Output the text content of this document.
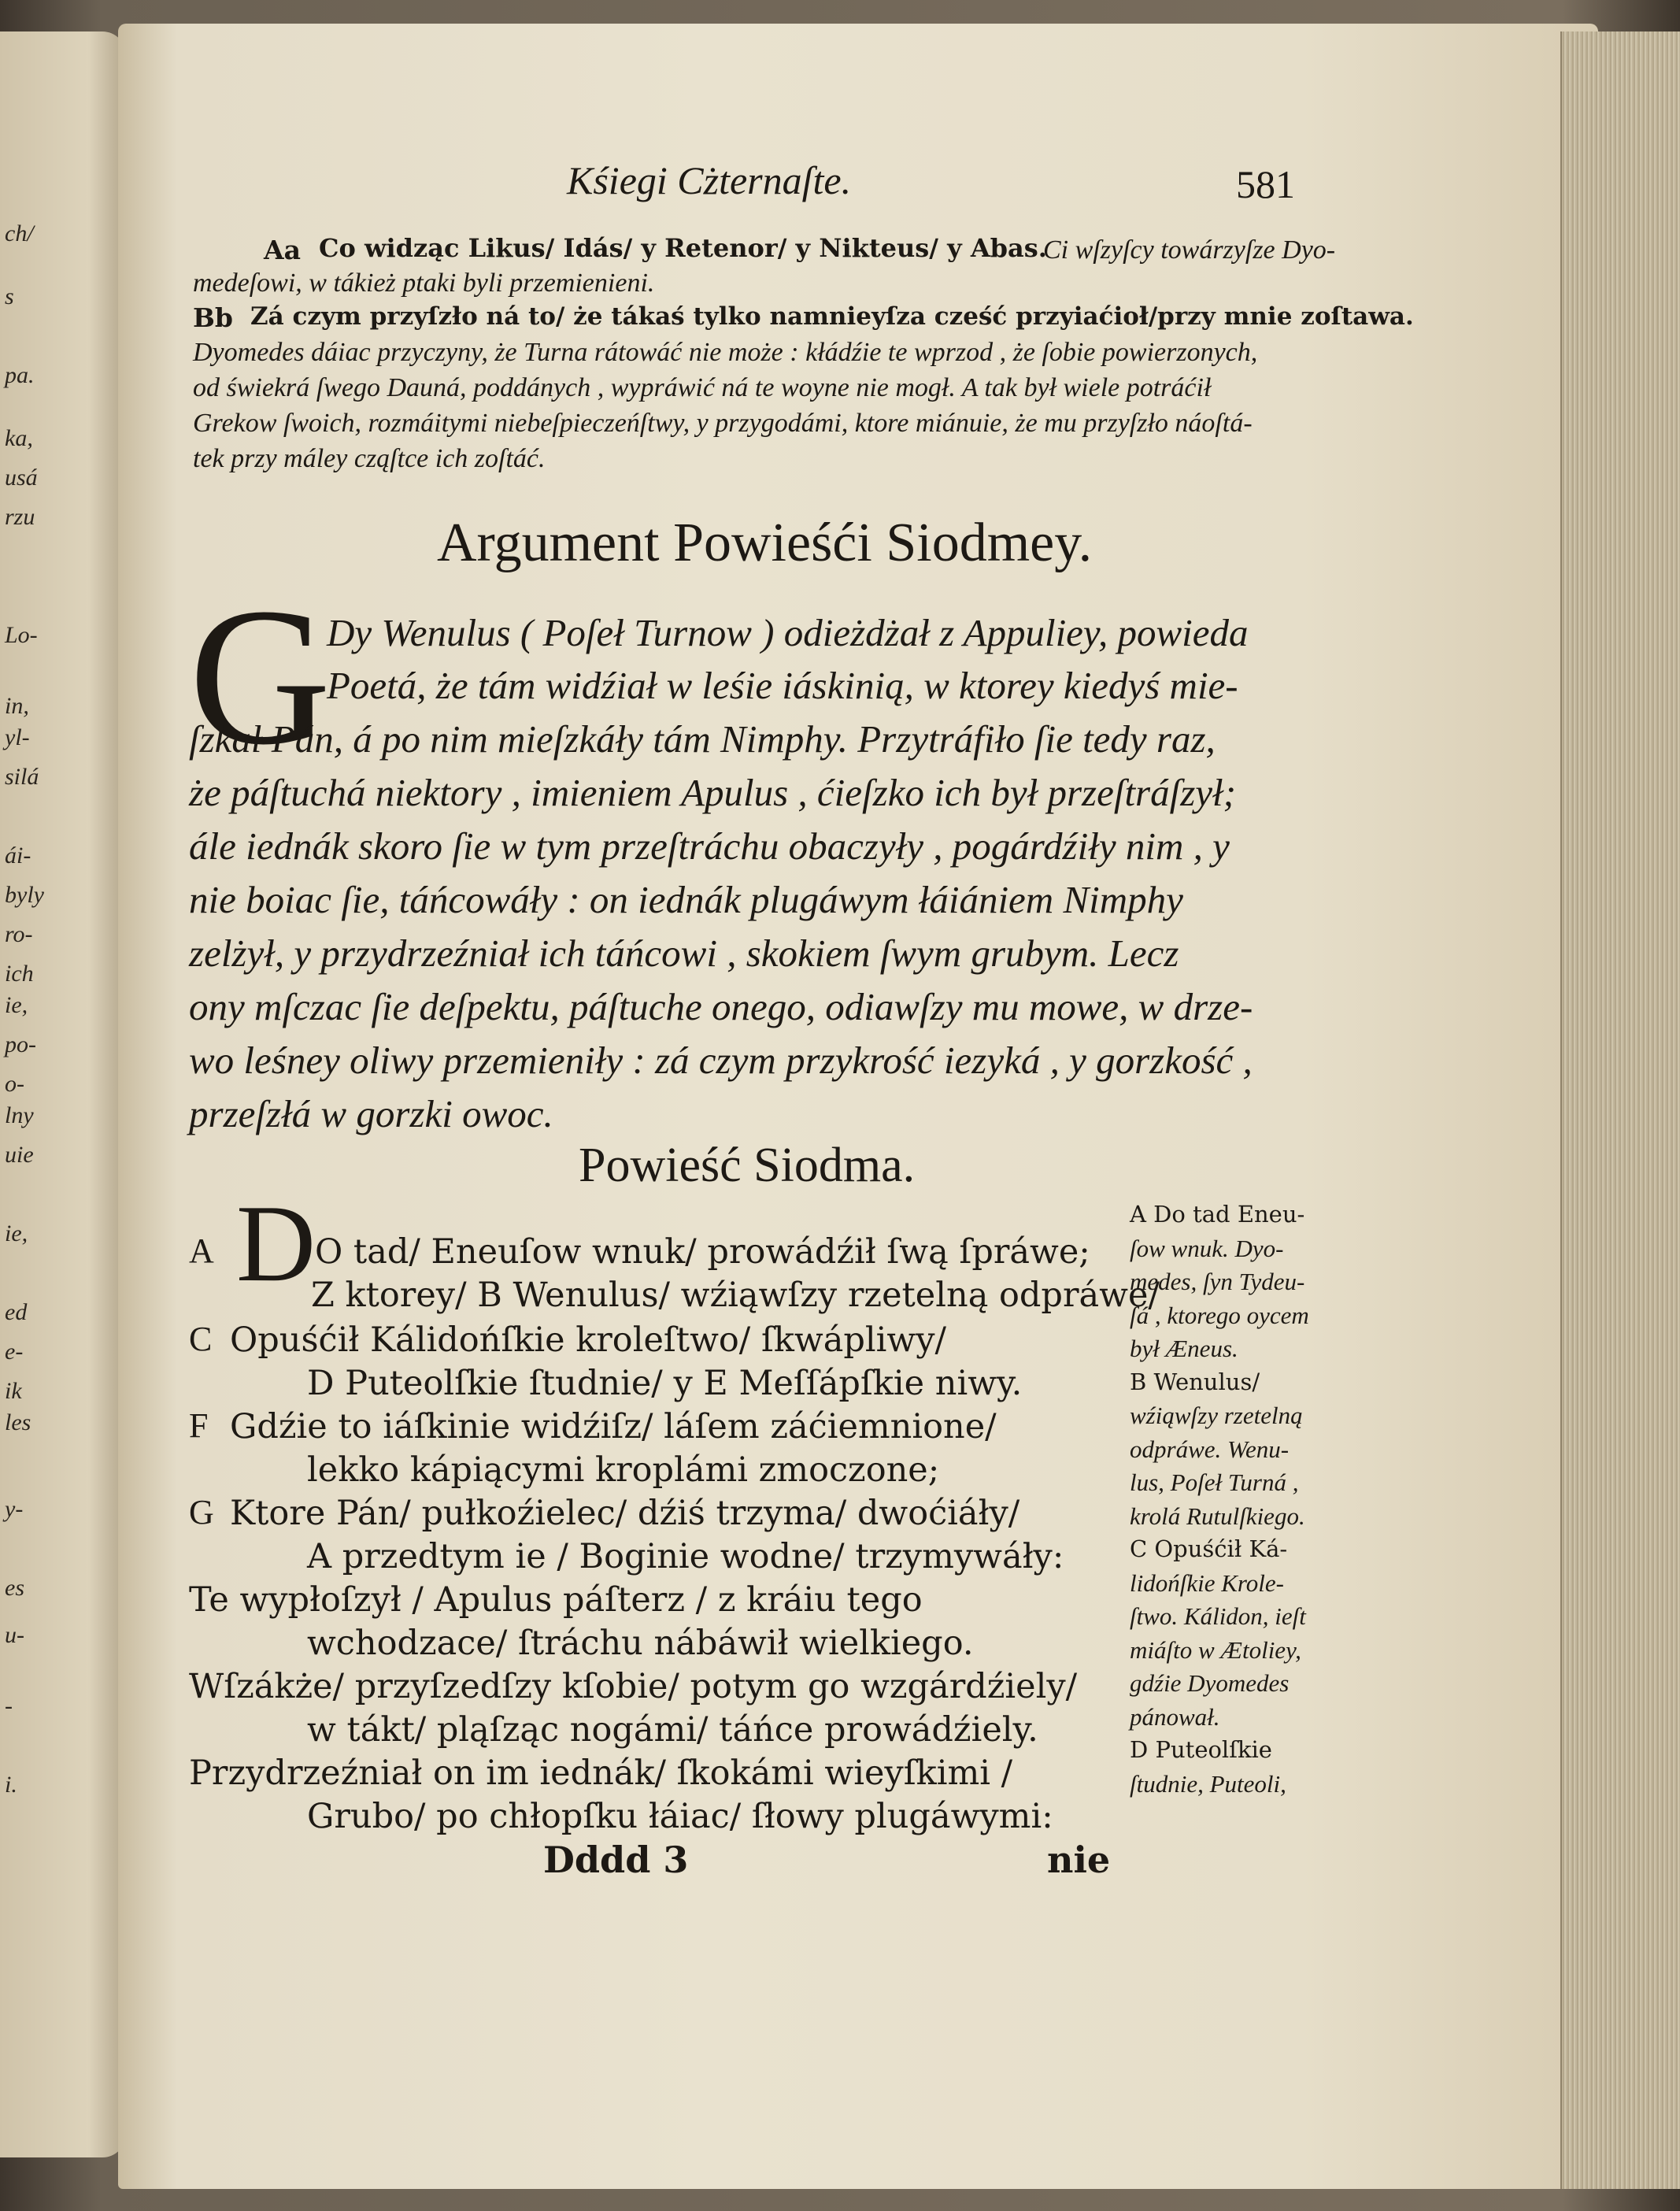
ch/
s
pa.
ka,
usá
rzu
Lo-
in,
yl-
silá
ái-
byly
ro-
ich
ie,
po-
o-
lny
uie
ie,
ed
e-
ik
les
y-
es
u-
-
i.
Kśiegi Cżternaſte.	581
Aa Co widząc Likus/ Idás/ y Retenor/ y Nikteus/ y Abas.
Ci wſzyſcy towárzyſze Dyo-
medeſowi, w tákież ptaki byli przemienieni.
Bb Zá czym przyſzło ná to/ że tákaś tylko namnieyſza cześć przyiaćioł/przy mnie zoſtawa.
Dyomedes dáiac przyczyny, że Turna rátowáć nie może : kłádźie te wprzod , że ſobie powierzonych,
od świekrá ſwego Dauná, poddánych , wypráwić ná te woyne nie mogł. A tak był wiele potráćił
Grekow ſwoich, rozmáitymi niebeſpieczeńſtwy, y przygodámi, ktore miánuie, że mu przyſzło náoſtá-
tek przy máley cząſtce ich zoſtáć.
Argument Powieśći Siodmey.
G
Dy Wenulus ( Poſeł Turnow ) odieżdżał z Appuliey, powieda
Poetá, że tám widźiał w leśie iáskinią, w ktorey kiedyś mie-
ſzkał Pán, á po nim mieſzkáły tám Nimphy. Przytráfiło ſie tedy raz,
że páſtuchá niektory , imieniem Apulus , ćieſzko ich był przeſtráſzył;
ále iednák skoro ſie w tym przeſtráchu obaczyły , pogárdźiły nim , y
nie boiac ſie, táńcowáły : on iednák plugáwym łáiániem Nimphy
zelżył, y przydrzeźniał ich táńcowi , skokiem ſwym grubym. Lecz
ony mſczac ſie deſpektu, páſtuche onego, odiawſzy mu mowe, w drze-
wo leśney oliwy przemieniły : zá czym przykrość iezyká , y gorzkość ,
przeſzłá w gorzki owoc.
Powieść Siodma.
D
A	O tad/ Eneuſow wnuk/ prowádźił ſwą ſpráwe;
Z ktorey/ B Wenulus/ wźiąwſzy rzetelną odpráwe/
C Opuśćił Kálidońſkie kroleſtwo/ ſkwápliwy/
D Puteolſkie ſtudnie/ y E Meſſápſkie niwy.
F Gdźie to iáſkinie widźiſz/ láſem záćiemnione/
lekko kápiącymi kroplámi zmoczone;
G Ktore Pán/ pułkoźielec/ dźiś trzyma/ dwoćiáły/
A przedtym ie / Boginie wodne/ trzymywáły:
Te wypłoſzył / Apulus páſterz / z kráiu tego
wchodzace/ ſtráchu nábáwił wielkiego.
Wſzákże/ przyſzedſzy kſobie/ potym go wzgárdźiely/
w tákt/ pląſząc nogámi/ táńce prowádźiely.
Przydrzeźniał on im iednák/ ſkokámi wieyſkimi /
Grubo/ po chłopſku łáiac/ ſłowy plugáwymi:
A Do tad Eneu-
ſow wnuk. Dyo-
medes, ſyn Tydeu-
ſá , ktorego oycem
był Æneus.
B Wenulus/
wźiąwſzy rzetelną
odpráwe. Wenu-
lus, Poſeł Turná ,
krolá Rutulſkiego.
C Opuśćił Ká-
lidońſkie Krole-
ſtwo. Kálidon, ieſt
miáſto w Ætoliey,
gdźie Dyomedes
pánował.
D Puteolſkie
ſtudnie, Puteoli,
Dddd 3	nie
